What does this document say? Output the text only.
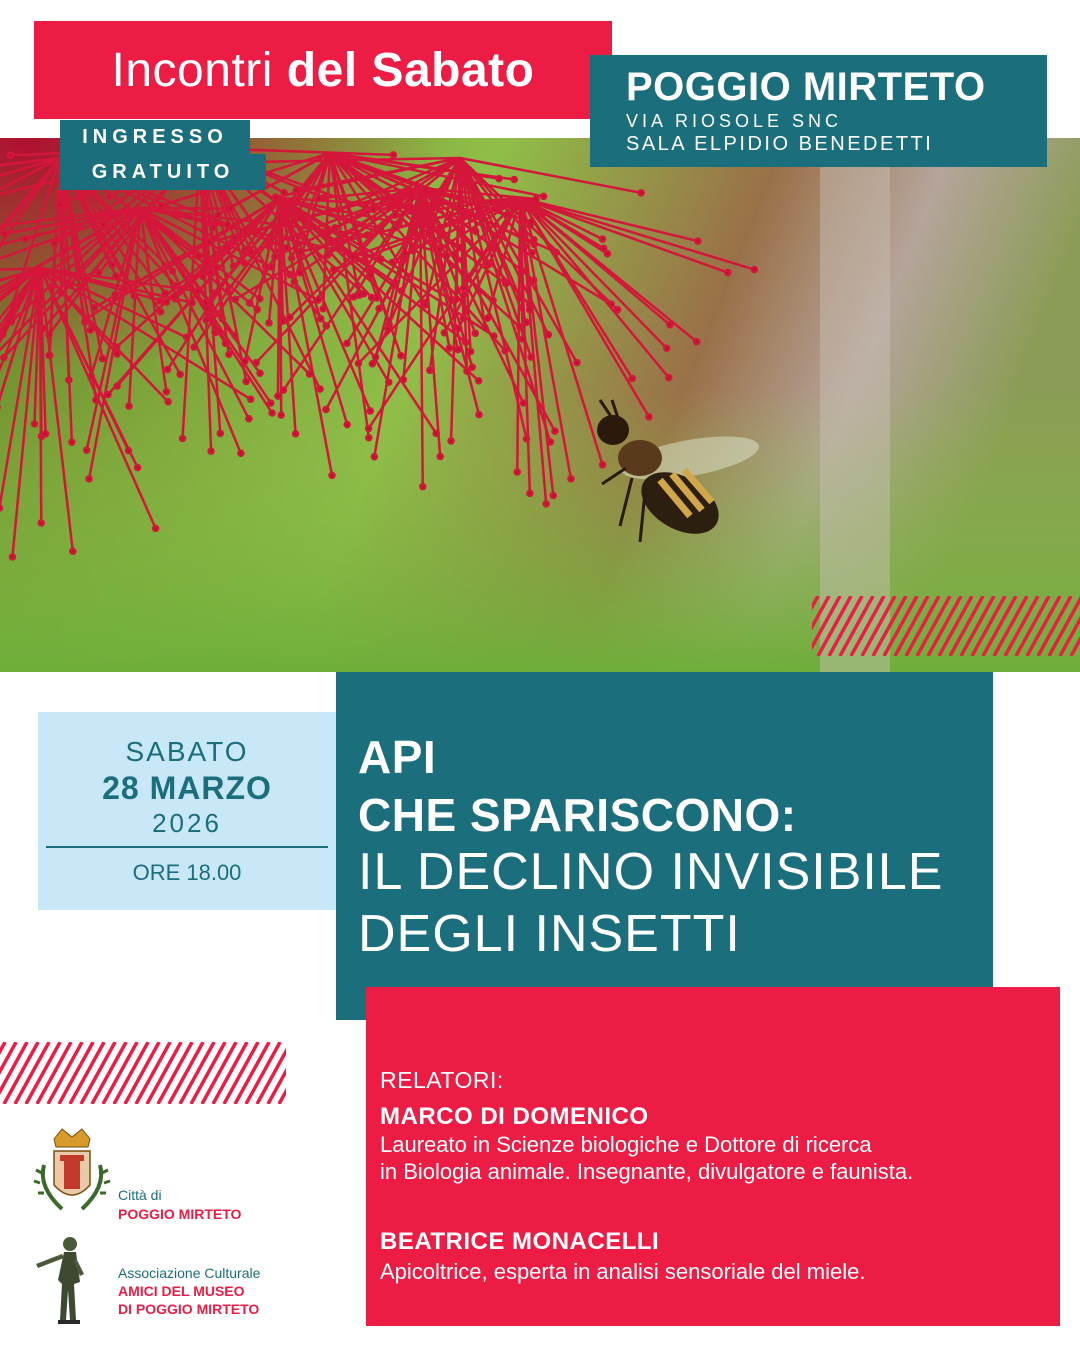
Incontri del Sabato
INGRESSO
GRATUITO
POGGIO MIRTETO
VIA RIOSOLE SNC
SALA ELPIDIO BENEDETTI
SABATO
28 MARZO
2026
ORE 18.00
API
CHE SPARISCONO:
IL DECLINO INVISIBILE
DEGLI INSETTI
RELATORI:
MARCO DI DOMENICO
Laureato in Scienze biologiche e Dottore di ricerca
in Biologia animale. Insegnante, divulgatore e faunista.
BEATRICE MONACELLI
Apicoltrice, esperta in analisi sensoriale del miele.
Città di
POGGIO MIRTETO
Associazione Culturale
AMICI DEL MUSEO
DI POGGIO MIRTETO
